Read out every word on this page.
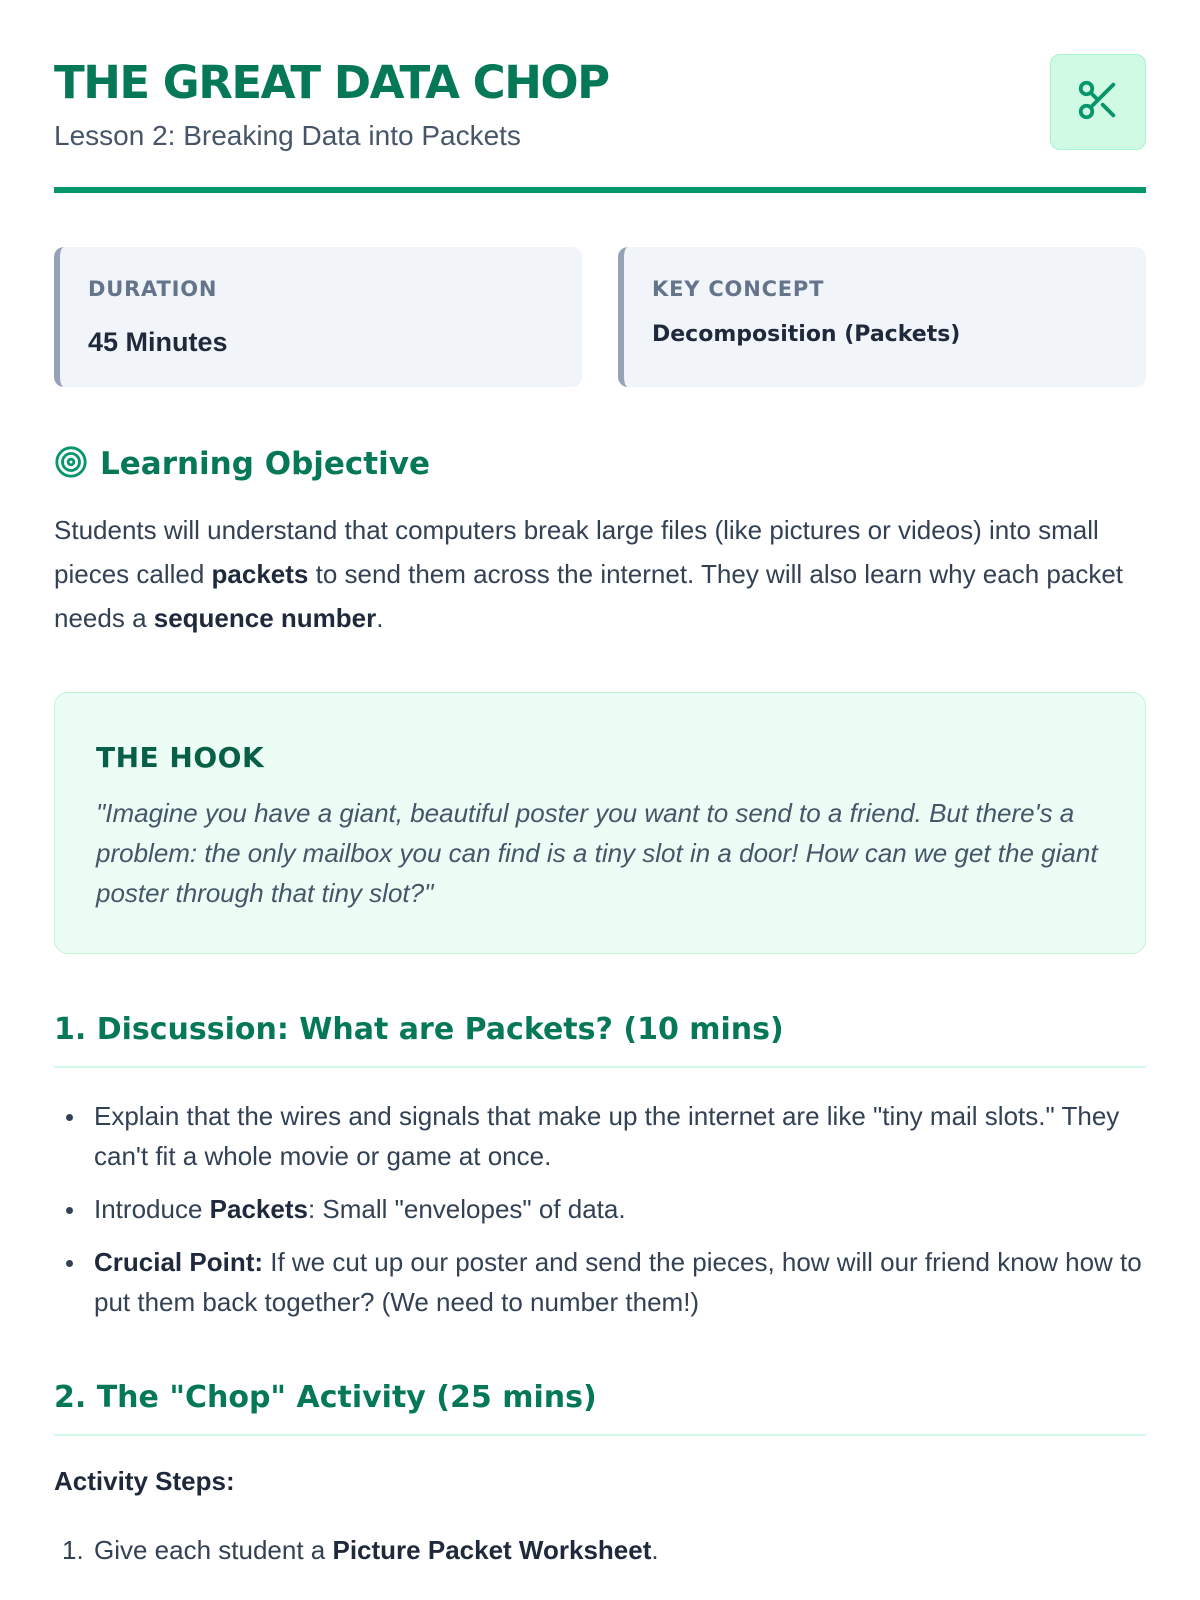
THE GREAT DATA CHOP
Lesson 2: Breaking Data into Packets
DURATION
45 Minutes
KEY CONCEPT
Decomposition (Packets)
Learning Objective

Students will understand that computers break large files (like pictures or videos) into small pieces called packets to send them across the internet. They will also learn why each packet needs a sequence number.

THE HOOK
"Imagine you have a giant, beautiful poster you want to send to a friend. But there's a problem: the only mailbox you can find is a tiny slot in a door! How can we get the giant poster through that tiny slot?"
1. Discussion: What are Packets? (10 mins)
Explain that the wires and signals that make up the internet are like "tiny mail slots." They can't fit a whole movie or game at once.
Introduce Packets: Small "envelopes" of data.
Crucial Point: If we cut up our poster and send the pieces, how will our friend know how to put them back together? (We need to number them!)
2. The "Chop" Activity (25 mins)
Activity Steps:
1. Give each student a Picture Packet Worksheet.
